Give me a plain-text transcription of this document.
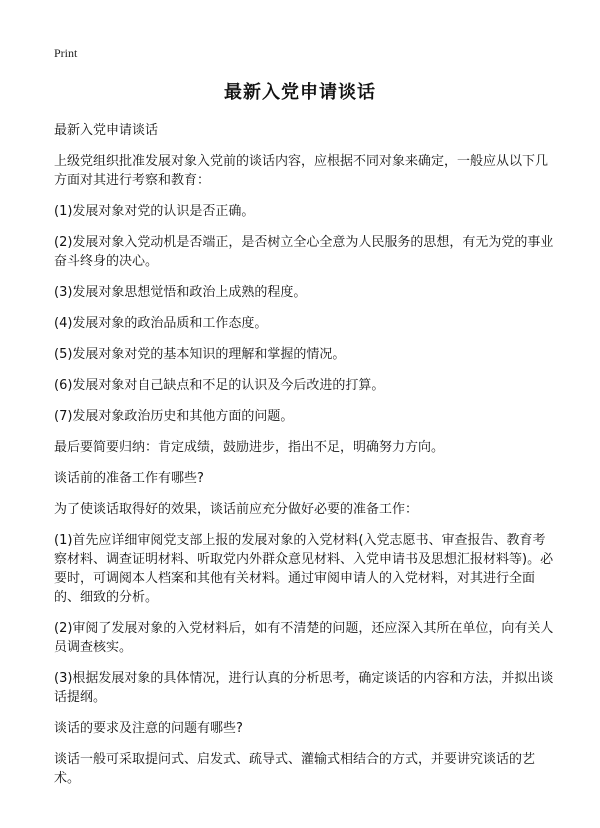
Print
最新入党申请谈话

最新入党申请谈话

上级党组织批准发展对象入党前的谈话内容，应根据不同对象来确定，一般应从以下几方面对其进行考察和教育：

(1)发展对象对党的认识是否正确。

(2)发展对象入党动机是否端正，是否树立全心全意为人民服务的思想，有无为党的事业奋斗终身的决心。

(3)发展对象思想觉悟和政治上成熟的程度。

(4)发展对象的政治品质和工作态度。

(5)发展对象对党的基本知识的理解和掌握的情况。

(6)发展对象对自己缺点和不足的认识及今后改进的打算。

(7)发展对象政治历史和其他方面的问题。

最后要简要归纳：肯定成绩，鼓励进步，指出不足，明确努力方向。

谈话前的准备工作有哪些?

为了使谈话取得好的效果，谈话前应充分做好必要的准备工作：

(1)首先应详细审阅党支部上报的发展对象的入党材料(入党志愿书、审查报告、教育考察材料、调查证明材料、听取党内外群众意见材料、入党申请书及思想汇报材料等)。必要时，可调阅本人档案和其他有关材料。通过审阅申请人的入党材料，对其进行全面的、细致的分析。

(2)审阅了发展对象的入党材料后，如有不清楚的问题，还应深入其所在单位，向有关人员调查核实。

(3)根据发展对象的具体情况，进行认真的分析思考，确定谈话的内容和方法，并拟出谈话提纲。

谈话的要求及注意的问题有哪些?

谈话一般可采取提问式、启发式、疏导式、灌输式相结合的方式，并要讲究谈话的艺术。
